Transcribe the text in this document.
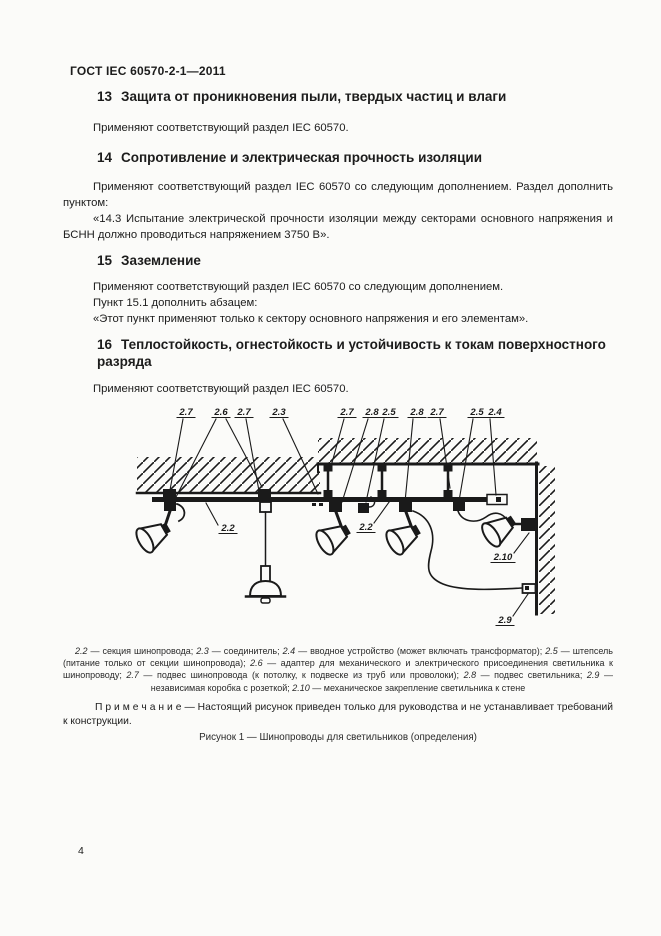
ГОСТ IEC 60570-2-1—2011
13 Защита от проникновения пыли, твердых частиц и влаги

Применяют соответствующий раздел IEC 60570.

14 Сопротивление и электрическая прочность изоляции

Применяют соответствующий раздел IEC 60570 со следующим дополнением. Раздел дополнить пунктом:

«14.3 Испытание электрической прочности изоляции между секторами основного напряжения и БСНН должно проводиться напряжением 3750 В».

15 Заземление

Применяют соответствующий раздел IEC 60570 со следующим дополнением.

Пункт 15.1 дополнить абзацем:

«Этот пункт применяют только к сектору основного напряжения и его элементам».

16 Теплостойкость, огнестойкость и устойчивость к токам поверхностного разряда

Применяют соответствующий раздел IEC 60570.

2.7 2.6 2.7 2.3	2.7 2.8 2.5 2.8 2.7	2.5 2.4
2.2	2.2
2.10
2.9

2.2 — секция шинопровода; 2.3 — соединитель; 2.4 — вводное устройство (может включать трансформатор); 2.5 — штепсель (питание только от секции шинопровода); 2.6 — адаптер для механического и электрического присоединения светильника к шинопроводу; 2.7 — подвес шинопровода (к потолку, к подвеске из труб или проволоки); 2.8 — подвес светильника; 2.9 — независимая коробка с розеткой; 2.10 — механическое закрепление светильника к стене

П р и м е ч а н и е — Настоящий рисунок приведен только для руководства и не устанавливает требований к конструкции.

Рисунок 1 — Шинопроводы для светильников (определения)

4
